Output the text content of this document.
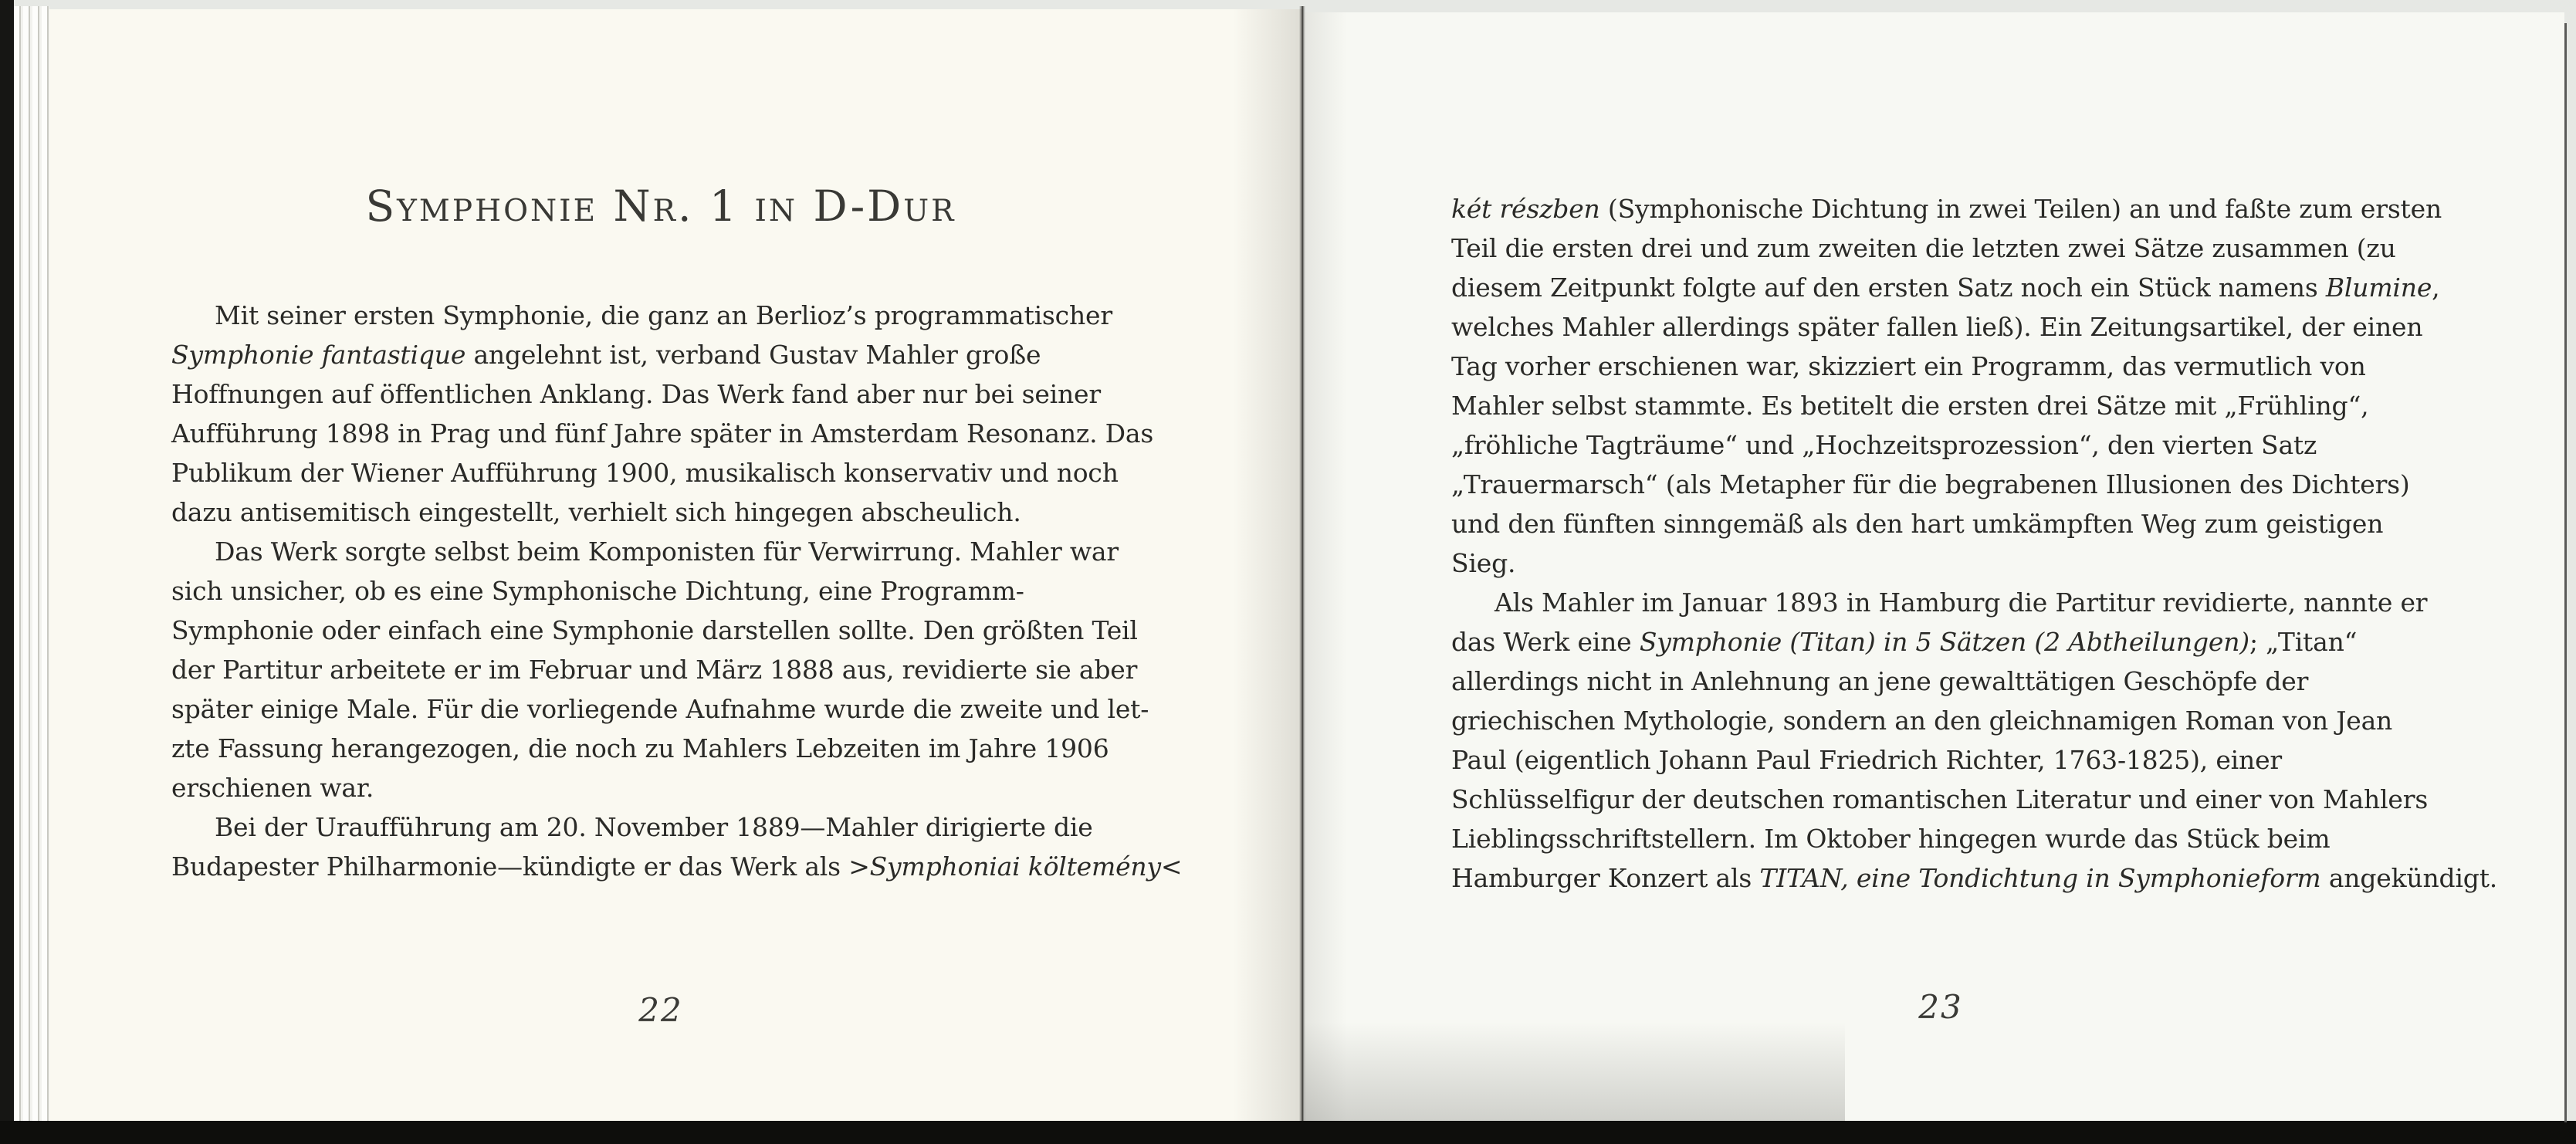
Symphonie Nr. 1 in D-Dur
Mit seiner ersten Symphonie, die ganz an Berlioz’s programmatischer
Symphonie fantastique angelehnt ist, verband Gustav Mahler große
Hoffnungen auf öffentlichen Anklang. Das Werk fand aber nur bei seiner
Aufführung 1898 in Prag und fünf Jahre später in Amsterdam Resonanz. Das
Publikum der Wiener Aufführung 1900, musikalisch konservativ und noch
dazu antisemitisch eingestellt, verhielt sich hingegen abscheulich.
Das Werk sorgte selbst beim Komponisten für Verwirrung. Mahler war
sich unsicher, ob es eine Symphonische Dichtung, eine Programm-
Symphonie oder einfach eine Symphonie darstellen sollte. Den größten Teil
der Partitur arbeitete er im Februar und März 1888 aus, revidierte sie aber
später einige Male. Für die vorliegende Aufnahme wurde die zweite und let-
zte Fassung herangezogen, die noch zu Mahlers Lebzeiten im Jahre 1906
erschienen war.
Bei der Uraufführung am 20. November 1889—Mahler dirigierte die
Budapester Philharmonie—kündigte er das Werk als >Symphoniai költemény<
22
két részben (Symphonische Dichtung in zwei Teilen) an und faßte zum ersten
Teil die ersten drei und zum zweiten die letzten zwei Sätze zusammen (zu
diesem Zeitpunkt folgte auf den ersten Satz noch ein Stück namens Blumine,
welches Mahler allerdings später fallen ließ). Ein Zeitungsartikel, der einen
Tag vorher erschienen war, skizziert ein Programm, das vermutlich von
Mahler selbst stammte. Es betitelt die ersten drei Sätze mit „Frühling“,
„fröhliche Tagträume“ und „Hochzeitsprozession“, den vierten Satz
„Trauermarsch“ (als Metapher für die begrabenen Illusionen des Dichters)
und den fünften sinngemäß als den hart umkämpften Weg zum geistigen
Sieg.
Als Mahler im Januar 1893 in Hamburg die Partitur revidierte, nannte er
das Werk eine Symphonie (Titan) in 5 Sätzen (2 Abtheilungen); „Titan“
allerdings nicht in Anlehnung an jene gewalttätigen Geschöpfe der
griechischen Mythologie, sondern an den gleichnamigen Roman von Jean
Paul (eigentlich Johann Paul Friedrich Richter, 1763-1825), einer
Schlüsselfigur der deutschen romantischen Literatur und einer von Mahlers
Lieblingsschriftstellern. Im Oktober hingegen wurde das Stück beim
Hamburger Konzert als TITAN, eine Tondichtung in Symphonieform angekündigt.
23
